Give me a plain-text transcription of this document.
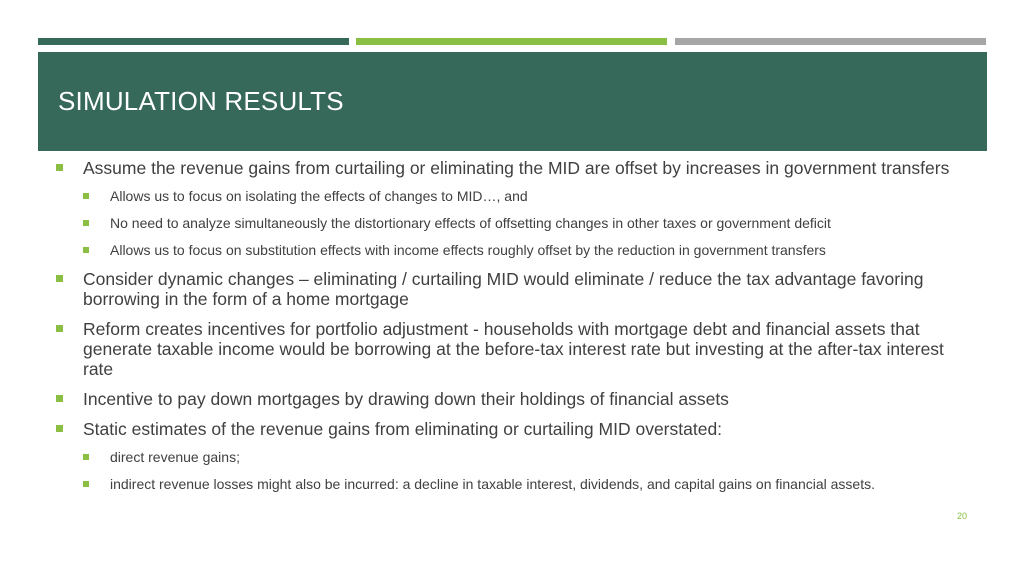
SIMULATION RESULTS
Assume the revenue gains from curtailing or eliminating the MID are offset by increases in government transfers
Allows us to focus on isolating the effects of changes to MID…, and
No need to analyze simultaneously the distortionary effects of offsetting changes in other taxes or government deficit
Allows us to focus on substitution effects with income effects roughly offset by the reduction in government transfers
Consider dynamic changes – eliminating / curtailing MID would eliminate / reduce the tax advantage favoring borrowing in the form of a home mortgage
Reform creates incentives for portfolio adjustment - households with mortgage debt and financial assets that generate taxable income would be borrowing at the before-tax interest rate but investing at the after-tax interest rate
Incentive to pay down mortgages by drawing down their holdings of financial assets
Static estimates of the revenue gains from eliminating or curtailing MID overstated:
direct revenue gains;
indirect revenue losses might also be incurred: a decline in taxable interest, dividends, and capital gains on financial assets.
20
